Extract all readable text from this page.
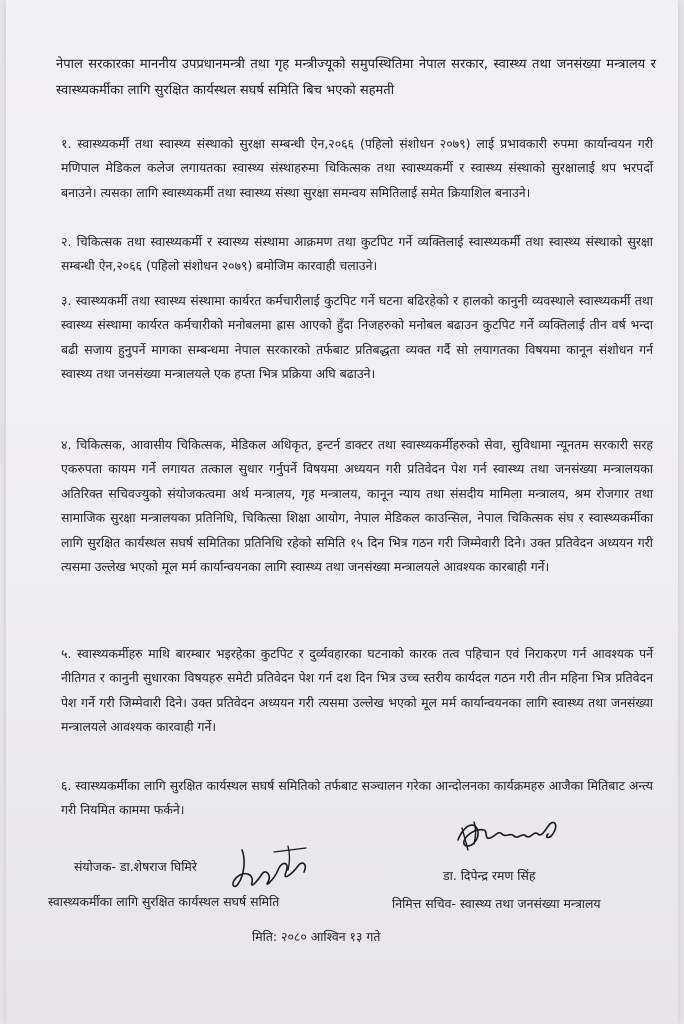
नेपाल सरकारका माननीय उपप्रधानमन्त्री तथा गृह मन्त्रीज्यूको समुपस्थितिमा नेपाल सरकार, स्वास्थ्य तथा जनसंख्या मन्त्रालय र स्वास्थ्यकर्मीका लागि सुरक्षित कार्यस्थल सघर्ष समिति बिच भएको सहमती
१. स्वास्थ्यकर्मी तथा स्वास्थ्य संस्थाको सुरक्षा सम्बन्धी ऐन,२०६६ (पहिलो संशोधन २०७९) लाई प्रभावकारी रुपमा कार्यान्वयन गरी मणिपाल मेडिकल कलेज लगायतका स्वास्थ्य संस्थाहरुमा चिकित्सक तथा स्वास्थ्यकर्मी र स्वास्थ्य संस्थाको सुरक्षालाई थप भरपर्दो बनाउने। त्यसका लागि स्वास्थ्यकर्मी तथा स्वास्थ्य संस्था सुरक्षा समन्वय समितिलाई समेत क्रियाशिल बनाउने।
२. चिकित्सक तथा स्वास्थ्यकर्मी र स्वास्थ्य संस्थामा आक्रमण तथा कुटपिट गर्ने व्यक्तिलाई स्वास्थ्यकर्मी तथा स्वास्थ्य संस्थाको सुरक्षा सम्बन्धी ऐन,२०६६ (पहिलो संशोधन २०७९) बमोजिम कारवाही चलाउने।
३. स्वास्थ्यकर्मी तथा स्वास्थ्य संस्थामा कार्यरत कर्मचारीलाई कुटपिट गर्ने घटना बढिरहेको र हालको कानुनी व्यवस्थाले स्वास्थ्यकर्मी तथा स्वास्थ्य संस्थामा कार्यरत कर्मचारीको मनोबलमा ह्रास आएको हुँदा निजहरुको मनोबल बढाउन कुटपिट गर्ने व्यक्तिलाई तीन वर्ष भन्दा बढी सजाय हुनुपर्ने मागका सम्बन्धमा नेपाल सरकारको तर्फबाट प्रतिबद्धता व्यक्त गर्दै सो लयागतका विषयमा कानून संशोधन गर्न स्वास्थ्य तथा जनसंख्या मन्त्रालयले एक हप्ता भित्र प्रक्रिया अघि बढाउने।
४. चिकित्सक, आवासीय चिकित्सक, मेडिकल अधिकृत, इन्टर्न डाक्टर तथा स्वास्थ्यकर्मीहरुको सेवा, सुविधामा न्यूनतम सरकारी सरह एकरुपता कायम गर्ने लगायत तत्काल सुधार गर्नुपर्ने विषयमा अध्ययन गरी प्रतिवेदन पेश गर्न स्वास्थ्य तथा जनसंख्या मन्त्रालयका अतिरिक्त सचिवज्युको संयोजकत्वमा अर्थ मन्त्रालय, गृह मन्त्रालय, कानून न्याय तथा संसदीय मामिला मन्त्रालय, श्रम रोजगार तथा सामाजिक सुरक्षा मन्त्रालयका प्रतिनिधि, चिकित्सा शिक्षा आयोग, नेपाल मेडिकल काउन्सिल, नेपाल चिकित्सक संघ र स्वास्थ्यकर्मीका लागि सुरक्षित कार्यस्थल सघर्ष समितिका प्रतिनिधि रहेको समिति १५ दिन भित्र गठन गरी जिम्मेवारी दिने। उक्त प्रतिवेदन अध्ययन गरी त्यसमा उल्लेख भएको मूल मर्म कार्यान्वयनका लागि स्वास्थ्य तथा जनसंख्या मन्त्रालयले आवश्यक कारबाही गर्ने।
५. स्वास्थ्यकर्मीहरु माथि बारम्बार भइरहेका कुटपिट र दुर्व्यवहारका घटनाको कारक तत्व पहिचान एवं निराकरण गर्न आवश्यक पर्ने नीतिगत र कानुनी सुधारका विषयहरु समेटी प्रतिवेदन पेश गर्न दश दिन भित्र उच्च स्तरीय कार्यदल गठन गरी तीन महिना भित्र प्रतिवेदन पेश गर्ने गरी जिम्मेवारी दिने। उक्त प्रतिवेदन अध्ययन गरी त्यसमा उल्लेख भएको मूल मर्म कार्यान्वयनका लागि स्वास्थ्य तथा जनसंख्या मन्त्रालयले आवश्यक कारवाही गर्ने।
६. स्वास्थ्यकर्मीका लागि सुरक्षित कार्यस्थल सघर्ष समितिको तर्फबाट सञ्चालन गरेका आन्दोलनका कार्यक्रमहरु आजैका मितिबाट अन्त्य गरी नियमित काममा फर्कने।
संयोजक- डा.शेषराज घिमिरे
स्वास्थ्यकर्मीका लागि सुरक्षित कार्यस्थल सघर्ष समिति
डा. दिपेन्द्र रमण सिंह
निमित्त सचिव- स्वास्थ्य तथा जनसंख्या मन्त्रालय
मिति: २०८० आश्विन १३ गते
